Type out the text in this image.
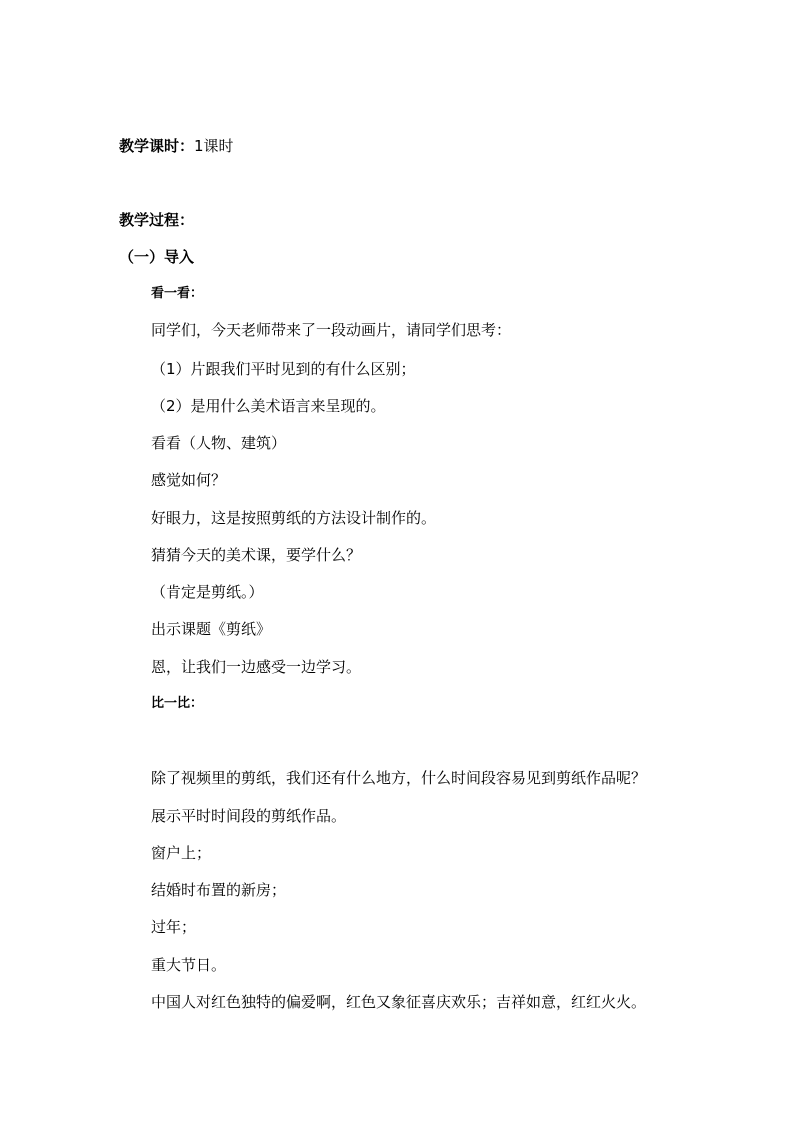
教学课时：1课时
教学过程：
（一）导入
看一看：
同学们，今天老师带来了一段动画片，请同学们思考：
（1）片跟我们平时见到的有什么区别；
（2）是用什么美术语言来呈现的。
看看（人物、建筑）
感觉如何？
好眼力，这是按照剪纸的方法设计制作的。
猜猜今天的美术课，要学什么？
（肯定是剪纸。）
出示课题《剪纸》
恩，让我们一边感受一边学习。
比一比：
除了视频里的剪纸，我们还有什么地方，什么时间段容易见到剪纸作品呢？
展示平时时间段的剪纸作品。
窗户上；
结婚时布置的新房；
过年；
重大节日。
中国人对红色独特的偏爱啊，红色又象征喜庆欢乐；吉祥如意，红红火火。
